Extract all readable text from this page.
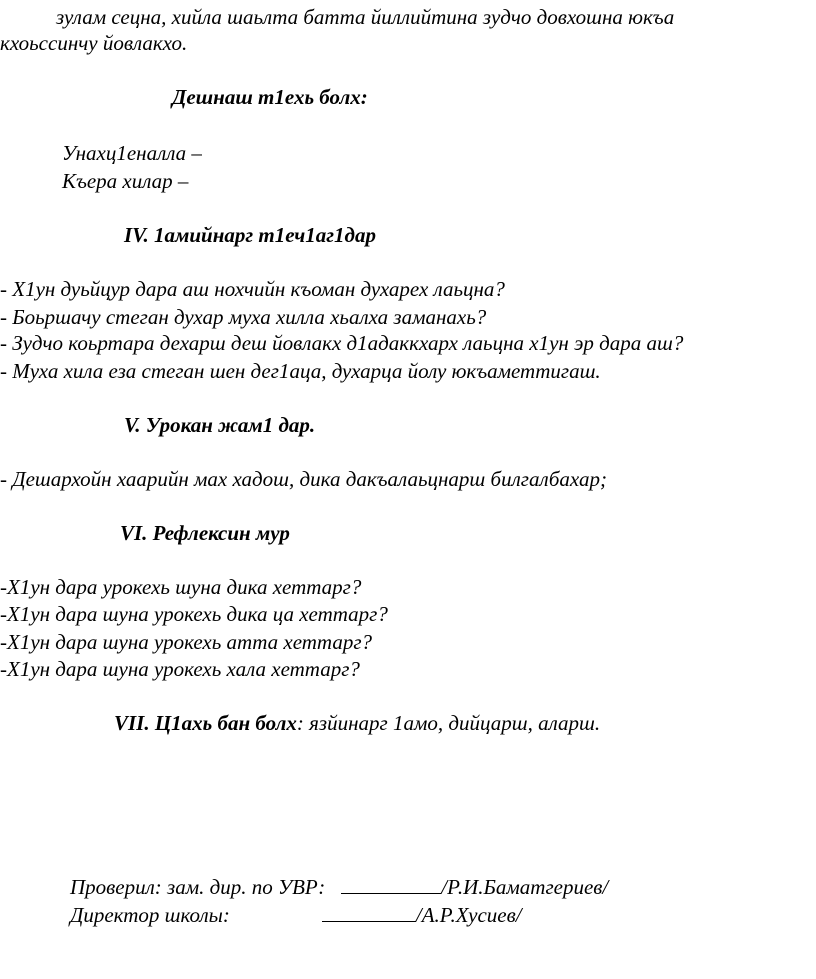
зулам сецна, хийла шаьлта батта йиллийтина зудчо довхошна юкъа
кхоьссинчу йовлакхо.
Дешнаш т1ехь болх:
Унахц1еналла –
Къера хилар –
IV. 1амийнарг т1еч1аг1дар
- Х1ун дуьйцур дара аш нохчийн къоман духарех лаьцна?
- Боьршачу стеган духар муха хилла хьалха заманахь?
- Зудчо коьртара дехарш деш йовлакх д1адаккхарх лаьцна х1ун эр дара аш?
- Муха хила еза стеган шен дег1аца, духарца йолу юкъаметтигаш.
V. Урокан жам1 дар.
- Дешархойн хаарийн мах хадош, дика дакъалаьцнарш билгалбахар;
VI. Рефлексин мур
-Х1ун дара урокехь шуна дика хеттарг?
-Х1ун дара шуна урокехь дика ца хеттарг?
-Х1ун дара шуна урокехь атта хеттарг?
-Х1ун дара шуна урокехь хала хеттарг?
VII. Ц1ахь бан болх: язйинарг 1амо, дийцарш, аларш.
Проверил: зам. дир. по УВР:	/Р.И.Баматгериев/
Директор школы:	/А.Р.Хусиев/
